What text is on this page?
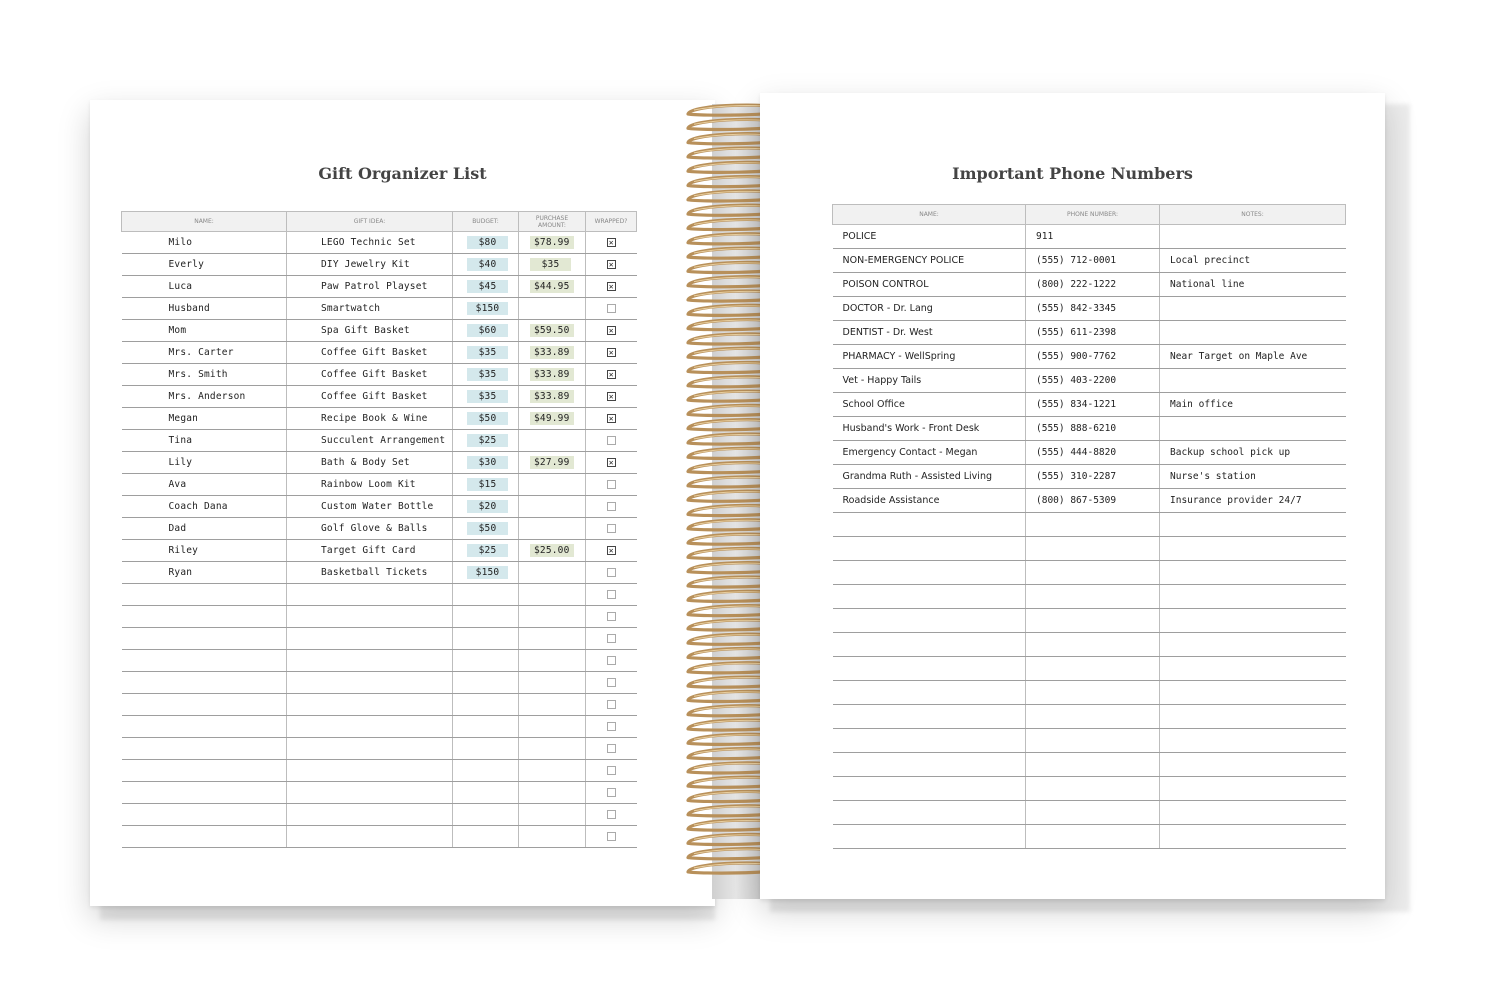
Gift Organizer List
NAME:	GIFT IDEA:	BUDGET:	PURCHASE AMOUNT:	WRAPPED?
Milo	LEGO Technic Set	$80	$78.99	✕

Everly	DIY Jewelry Kit	$40	$35	✕

Luca	Paw Patrol Playset	$45	$44.95	✕

Husband	Smartwatch	$150		

Mom	Spa Gift Basket	$60	$59.50	✕

Mrs. Carter	Coffee Gift Basket	$35	$33.89	✕

Mrs. Smith	Coffee Gift Basket	$35	$33.89	✕

Mrs. Anderson	Coffee Gift Basket	$35	$33.89	✕

Megan	Recipe Book & Wine	$50	$49.99	✕

Tina	Succulent Arrangement	$25		

Lily	Bath & Body Set	$30	$27.99	✕

Ava	Rainbow Loom Kit	$15		

Coach Dana	Custom Water Bottle	$20		

Dad	Golf Glove & Balls	$50		

Riley	Target Gift Card	$25	$25.00	✕

Ryan	Basketball Tickets	$150		

Important Phone Numbers
NAME:	PHONE NUMBER:	NOTES:
POLICE	911	
NON-EMERGENCY POLICE	(555) 712-0001	Local precinct
POISON CONTROL	(800) 222-1222	National line
DOCTOR - Dr. Lang	(555) 842-3345	
DENTIST - Dr. West	(555) 611-2398	
PHARMACY - WellSpring	(555) 900-7762	Near Target on Maple Ave
Vet - Happy Tails	(555) 403-2200	
School Office	(555) 834-1221	Main office
Husband's Work - Front Desk	(555) 888-6210	
Emergency Contact - Megan	(555) 444-8820	Backup school pick up
Grandma Ruth - Assisted Living	(555) 310-2287	Nurse's station
Roadside Assistance	(800) 867-5309	Insurance provider 24/7
